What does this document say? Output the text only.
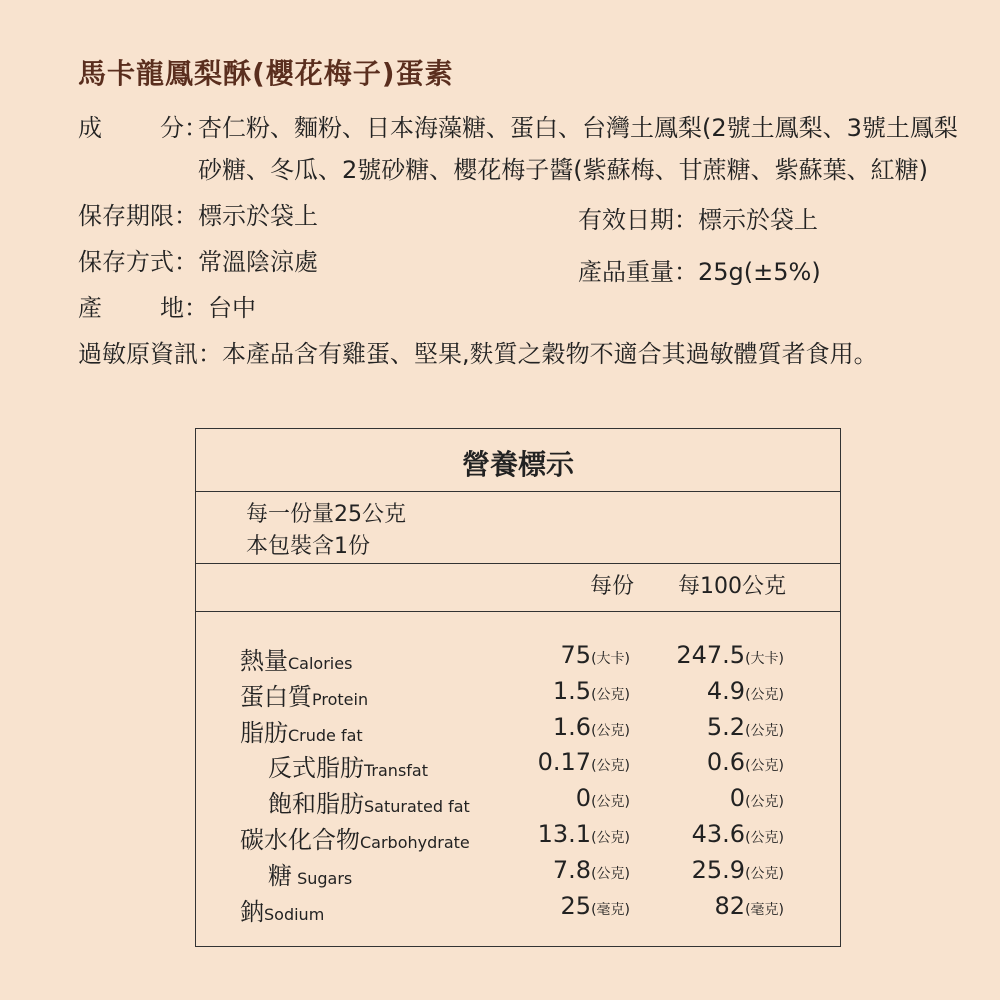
馬卡龍鳳梨酥(櫻花梅子)蛋素
成 分：
杏仁粉、麵粉、日本海藻糖、蛋白、台灣土鳳梨(2號土鳳梨、3號土鳳梨
砂糖、冬瓜、2號砂糖、櫻花梅子醬(紫蘇梅、甘蔗糖、紫蘇葉、紅糖)
保存期限：標示於袋上	有效日期：標示於袋上
保存方式：常溫陰涼處	產品重量：25g(±5%)
產 地：台中
過敏原資訊：本產品含有雞蛋、堅果,麩質之穀物不適合其過敏體質者食用。
營養標示
每一份量25公克
本包裝含1份
每份 每100公克
熱量Calories	75(大卡) 247.5(大卡)
蛋白質Protein	1.5(公克)	4.9(公克)
脂肪Crude fat	1.6(公克)	5.2(公克)
反式脂肪Transfat	0.17(公克)	0.6(公克)
飽和脂肪Saturated fat	0(公克)	0(公克)
碳水化合物Carbohydrate	13.1(公克)	43.6(公克)
糖 Sugars	7.8(公克)	25.9(公克)
鈉Sodium	25(毫克)	82(毫克)
